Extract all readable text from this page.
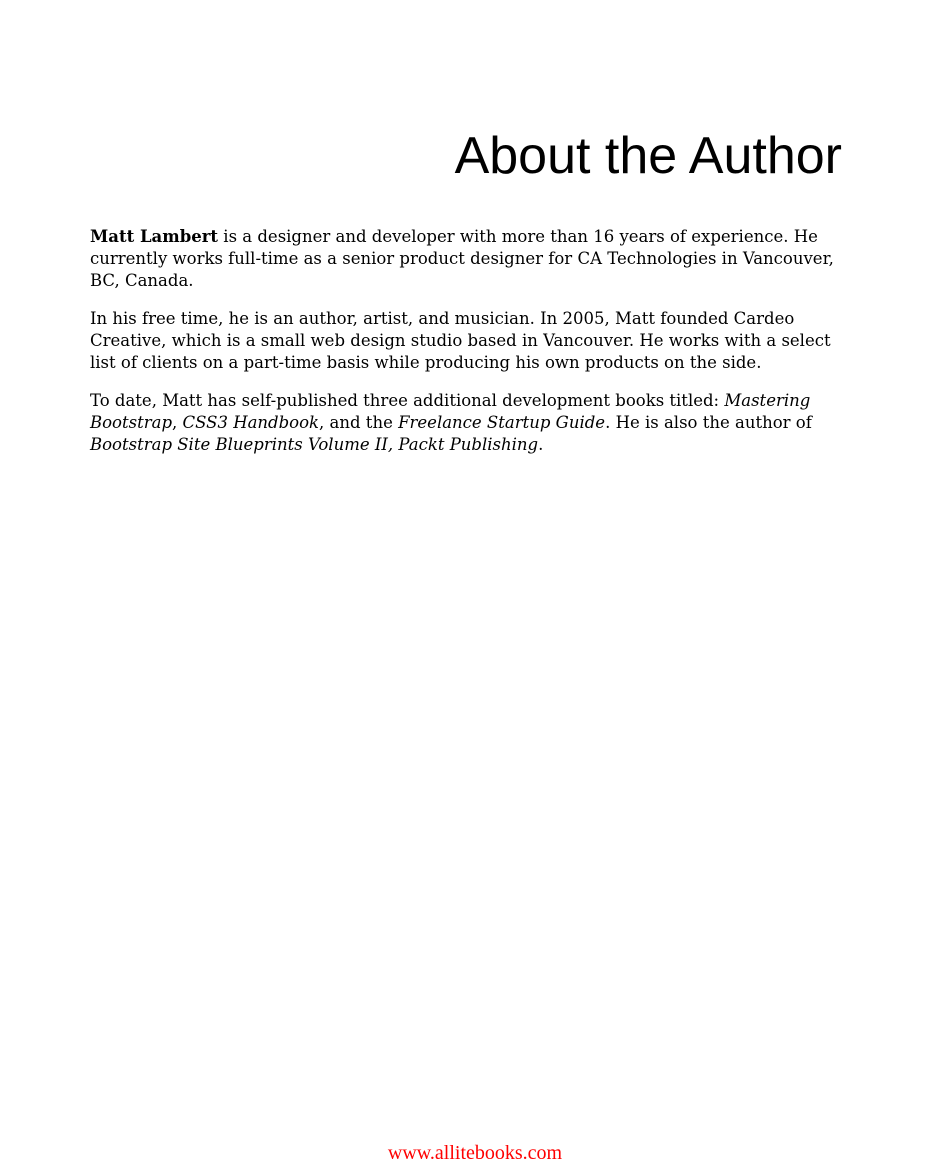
About the Author

Matt Lambert is a designer and developer with more than 16 years of experience. He currently works full-time as a senior product designer for CA Technologies in Vancouver, BC, Canada.

In his free time, he is an author, artist, and musician. In 2005, Matt founded Cardeo Creative, which is a small web design studio based in Vancouver. He works with a select list of clients on a part-time basis while producing his own products on the side.

To date, Matt has self-published three additional development books titled: Mastering Bootstrap, CSS3 Handbook, and the Freelance Startup Guide. He is also the author of Bootstrap Site Blueprints Volume II, Packt Publishing.

www.allitebooks.com
